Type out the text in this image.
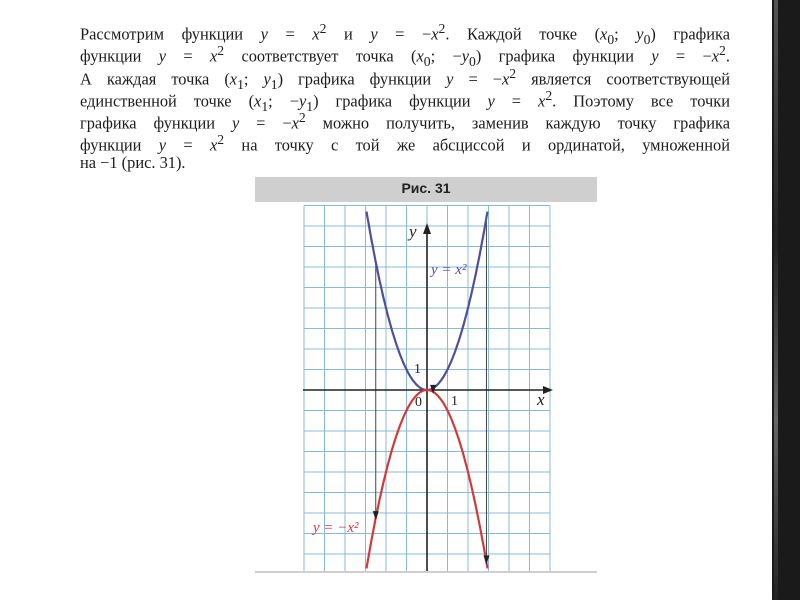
Рассмотрим функции $y = x^2$ и $y = -x^2$. Каждой точке ($x_0$; $y_0$) графика
функции $y = x^2$ соответствует точка ($x_0$; $-y_0$) графика функции $y = -x^2$.
А каждая точка ($x_1$; $y_1$) графика функции $y = -x^2$ является соответствующей
единственной точке ($x_1$; $-y_1$) графика функции $y = x^2$. Поэтому все точки
графика функции $y = -x^2$ можно получить, заменив каждую точку графика
функции $y = x^2$ на точку с той же абсциссой и ординатой, умноженной
на −1 (рис. 31).
x
y
0 1
1
y = x²
y = −x²
Рис. 31
